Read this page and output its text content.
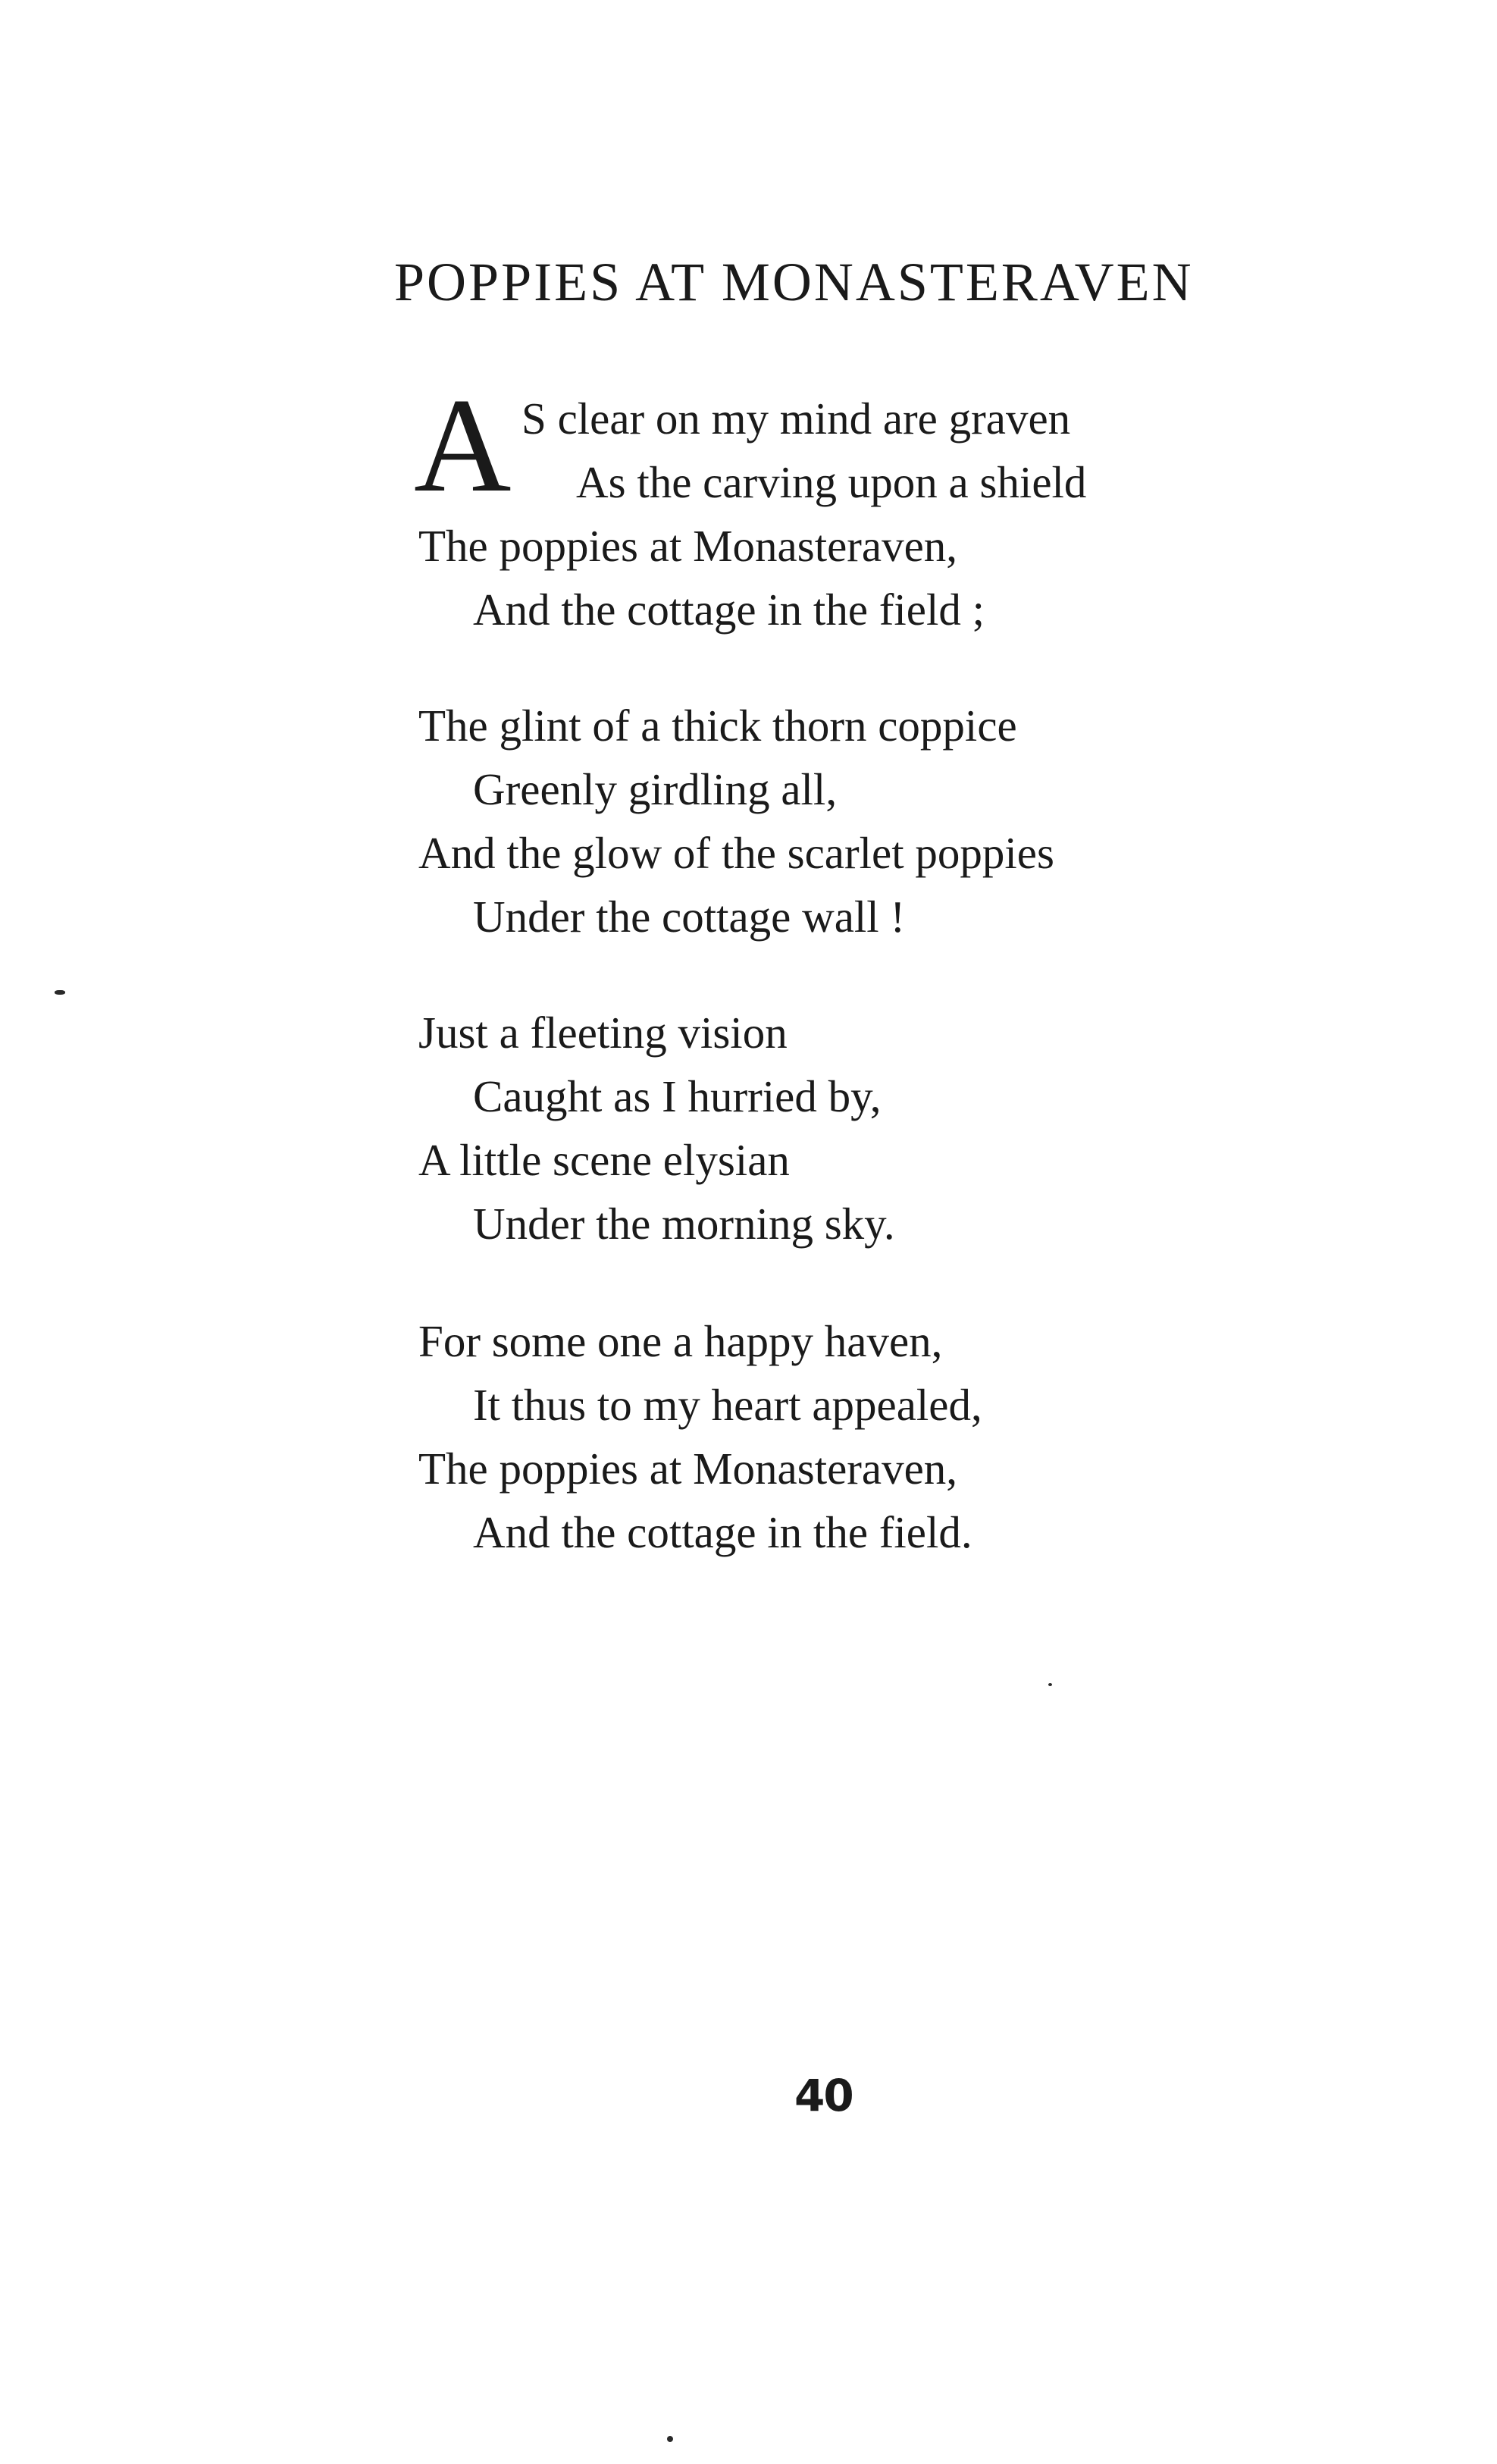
POPPIES AT MONASTERAVEN
A S clear on my mind are graven
As the carving upon a shield
The poppies at Monasteraven,
And the cottage in the field ;
The glint of a thick thorn coppice
Greenly girdling all,
And the glow of the scarlet poppies
Under the cottage wall !
Just a fleeting vision
Caught as I hurried by,
A little scene elysian
Under the morning sky.
For some one a happy haven,
It thus to my heart appealed,
The poppies at Monasteraven,
And the cottage in the field.
40
